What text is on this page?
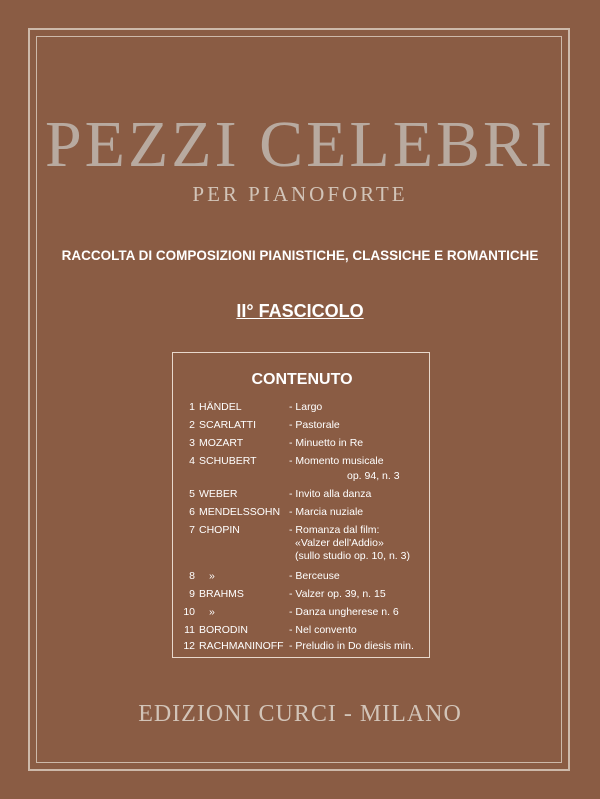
PEZZI CELEBRI
PER PIANOFORTE
RACCOLTA DI COMPOSIZIONI PIANISTICHE, CLASSICHE E ROMANTICHE
II° FASCICOLO
CONTENUTO
1 HÄNDEL	- Largo
2 SCARLATTI	- Pastorale
3 MOZART	- Minuetto in Re
4 SCHUBERT	- Momento musicale
op. 94, n. 3
5 WEBER	- Invito alla danza
6 MENDELSSOHN - Marcia nuziale
7 CHOPIN	- Romanza dal film:
«Valzer dell'Addio»
(sullo studio op. 10, n. 3)
8 »	- Berceuse
9 BRAHMS	- Valzer op. 39, n. 15
10 »	- Danza ungherese n. 6
11 BORODIN	- Nel convento
12 RACHMANINOFF - Preludio in Do diesis min.
EDIZIONI CURCI - MILANO
